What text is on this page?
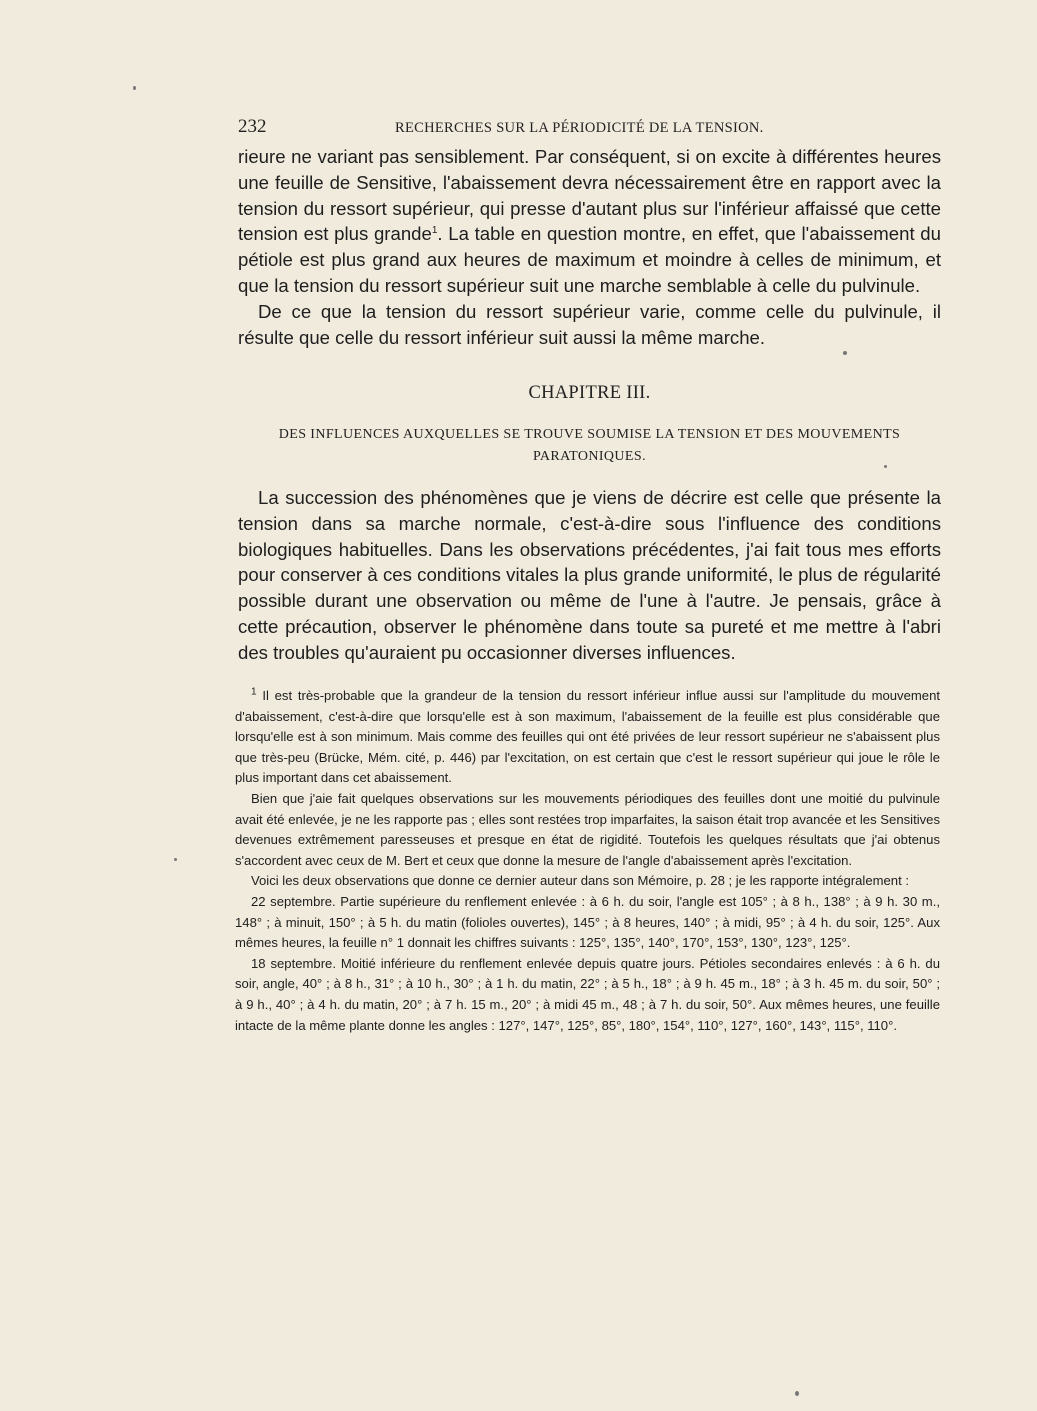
232	RECHERCHES SUR LA PÉRIODICITÉ DE LA TENSION.

rieure ne variant pas sensiblement. Par conséquent, si on excite à différentes heures une feuille de Sensitive, l'abaissement devra nécessairement être en rapport avec la tension du ressort supérieur, qui presse d'autant plus sur l'inférieur affaissé que cette tension est plus grande$^1$. La table en question montre, en effet, que l'abaissement du pétiole est plus grand aux heures de maximum et moindre à celles de minimum, et que la tension du ressort supérieur suit une marche semblable à celle du pulvinule.

De ce que la tension du ressort supérieur varie, comme celle du pulvinule, il résulte que celle du ressort inférieur suit aussi la même marche.

CHAPITRE III.
DES INFLUENCES AUXQUELLES SE TROUVE SOUMISE LA TENSION ET DES MOUVEMENTS PARATONIQUES.

La succession des phénomènes que je viens de décrire est celle que présente la tension dans sa marche normale, c'est-à-dire sous l'influence des conditions biologiques habituelles. Dans les observations précédentes, j'ai fait tous mes efforts pour conserver à ces conditions vitales la plus grande uniformité, le plus de régularité possible durant une observation ou même de l'une à l'autre. Je pensais, grâce à cette précaution, observer le phénomène dans toute sa pureté et me mettre à l'abri des troubles qu'auraient pu occasionner diverses influences.

$^1$ Il est très-probable que la grandeur de la tension du ressort inférieur influe aussi sur l'amplitude du mouvement d'abaissement, c'est-à-dire que lorsqu'elle est à son maximum, l'abaissement de la feuille est plus considérable que lorsqu'elle est à son minimum. Mais comme des feuilles qui ont été privées de leur ressort supérieur ne s'abaissent plus que très-peu (Brücke, Mém. cité, p. 446) par l'excitation, on est certain que c'est le ressort supérieur qui joue le rôle le plus important dans cet abaissement.

Bien que j'aie fait quelques observations sur les mouvements périodiques des feuilles dont une moitié du pulvinule avait été enlevée, je ne les rapporte pas ; elles sont restées trop imparfaites, la saison était trop avancée et les Sensitives devenues extrêmement paresseuses et presque en état de rigidité. Toutefois les quelques résultats que j'ai obtenus s'accordent avec ceux de M. Bert et ceux que donne la mesure de l'angle d'abaissement après l'excitation.

Voici les deux observations que donne ce dernier auteur dans son Mémoire, p. 28 ; je les rapporte intégralement :

22 septembre. Partie supérieure du renflement enlevée : à 6 h. du soir, l'angle est 105° ; à 8 h., 138° ; à 9 h. 30 m., 148° ; à minuit, 150° ; à 5 h. du matin (folioles ouvertes), 145° ; à 8 heures, 140° ; à midi, 95° ; à 4 h. du soir, 125°. Aux mêmes heures, la feuille n° 1 donnait les chiffres suivants : 125°, 135°, 140°, 170°, 153°, 130°, 123°, 125°.

18 septembre. Moitié inférieure du renflement enlevée depuis quatre jours. Pétioles secondaires enlevés : à 6 h. du soir, angle, 40° ; à 8 h., 31° ; à 10 h., 30° ; à 1 h. du matin, 22° ; à 5 h., 18° ; à 9 h. 45 m., 18° ; à 3 h. 45 m. du soir, 50° ; à 9 h., 40° ; à 4 h. du matin, 20° ; à 7 h. 15 m., 20° ; à midi 45 m., 48 ; à 7 h. du soir, 50°. Aux mêmes heures, une feuille intacte de la même plante donne les angles : 127°, 147°, 125°, 85°, 180°, 154°, 110°, 127°, 160°, 143°, 115°, 110°.
